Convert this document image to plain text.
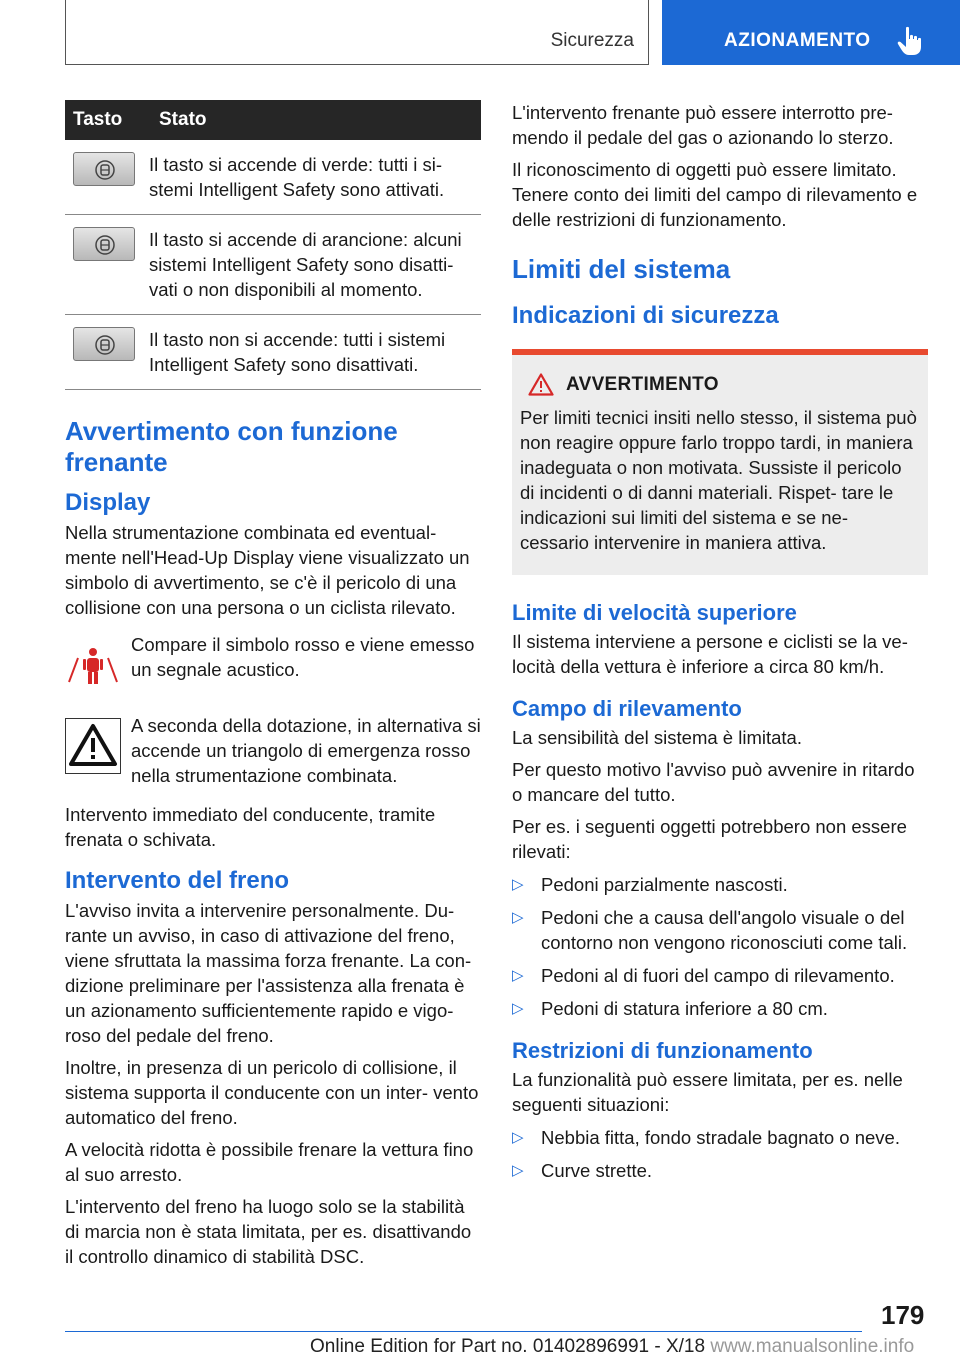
Sicurezza	AZIONAMENTO
Tasto	Stato

	Il tasto si accende di verde: tutti i si- stemi Intelligent Safety sono attivati.

	Il tasto si accende di arancione: alcuni sistemi Intelligent Safety sono disatti- vati o non disponibili al momento.

	Il tasto non si accende: tutti i sistemi Intelligent Safety sono disattivati.
Avvertimento con funzione frenante
Display

Nella strumentazione combinata ed eventual- mente nell'Head-Up Display viene visualizzato un simbolo di avvertimento, se c'è il pericolo di una collisione con una persona o un ciclista rilevato.

Compare il simbolo rosso e viene emesso un segnale acustico.
A seconda della dotazione, in alternativa si accende un triangolo di emergenza rosso nella strumentazione combinata.

Intervento immediato del conducente, tramite frenata o schivata.

Intervento del freno

L'avviso invita a intervenire personalmente. Du- rante un avviso, in caso di attivazione del freno, viene sfruttata la massima forza frenante. La con- dizione preliminare per l'assistenza alla frenata è un azionamento sufficientemente rapido e vigo- roso del pedale del freno.

Inoltre, in presenza di un pericolo di collisione, il sistema supporta il conducente con un inter- vento automatico del freno.

A velocità ridotta è possibile frenare la vettura fino al suo arresto.

L'intervento del freno ha luogo solo se la stabilità di marcia non è stata limitata, per es. disattivando il controllo dinamico di stabilità DSC.

L'intervento frenante può essere interrotto pre- mendo il pedale del gas o azionando lo sterzo.

Il riconoscimento di oggetti può essere limitato. Tenere conto dei limiti del campo di rilevamento e delle restrizioni di funzionamento.

Limiti del sistema
Indicazioni di sicurezza
AVVERTIMENTO

Per limiti tecnici insiti nello stesso, il sistema può non reagire oppure farlo troppo tardi, in maniera inadeguata o non motivata. Sussiste il pericolo di incidenti o di danni materiali. Rispet- tare le indicazioni sui limiti del sistema e se ne- cessario intervenire in maniera attiva.

Limite di velocità superiore

Il sistema interviene a persone e ciclisti se la ve- locità della vettura è inferiore a circa 80 km/h.

Campo di rilevamento

La sensibilità del sistema è limitata.

Per questo motivo l'avviso può avvenire in ritardo o mancare del tutto.

Per es. i seguenti oggetti potrebbero non essere rilevati:

▷ Pedoni parzialmente nascosti.
▷ Pedoni che a causa dell'angolo visuale o del contorno non vengono riconosciuti come tali.
▷ Pedoni al di fuori del campo di rilevamento.
▷ Pedoni di statura inferiore a 80 cm.
Restrizioni di funzionamento

La funzionalità può essere limitata, per es. nelle seguenti situazioni:

▷ Nebbia fitta, fondo stradale bagnato o neve.
▷ Curve strette.
179
Online Edition for Part no. 01402896991 - X/18 www.manualsonline.info
